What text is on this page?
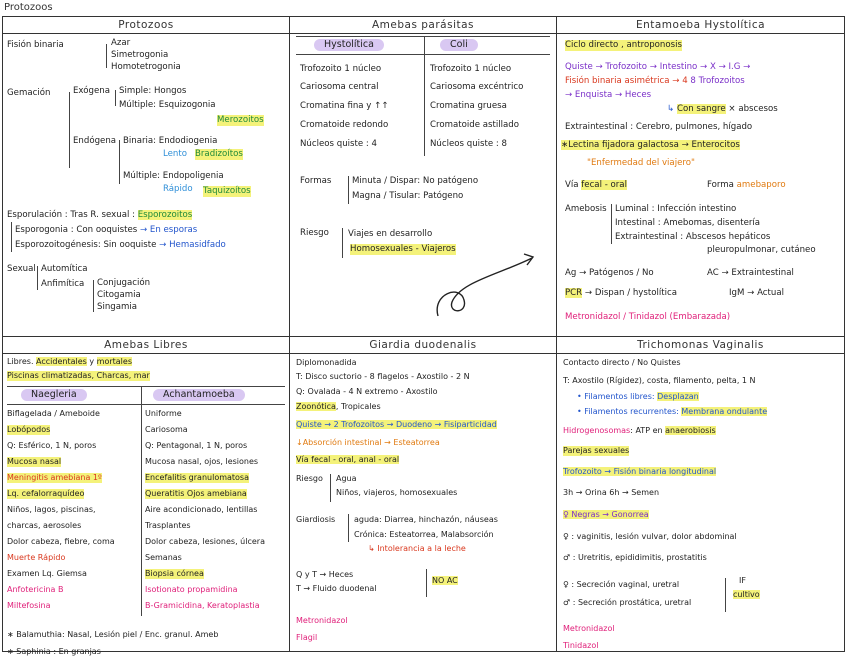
Protozoos
Protozoos
Fisión binaria	Azar
Simetrogonia
Homotetrogonia
Gemación	Exógena Simple: Hongos
Múltiple: Esquizogonia
Merozoitos
Endógena Binaria: Endodiogenia
Lento Bradizoítos
Múltiple: Endopoligenia
Rápido Taquizoítos
Esporulación : Tras R. sexual : Esporozoitos
Esporogonia : Con ooquistes → En esporas
Esporozoitogénesis: Sin ooquiste → Hemasidfado
Sexual Automítica
Anfimítica Conjugación
Citogamia
Singamia
Amebas parásitas
Hystolítica	Coli
Trofozoito 1 núcleo	Trofozoito 1 núcleo
Cariosoma central	Cariosoma excéntrico
Cromatina fina y ↑↑	Cromatina gruesa
Cromatoide redondo	Cromatoide astillado
Núcleos quiste : 4	Núcleos quiste : 8
Formas Minuta / Dispar: No patógeno
Magna / Tisular: Patógeno
Riesgo Viajes en desarrollo
Homosexuales - Viajeros
Entamoeba Hystolítica
Ciclo directo , antroponosis
Quiste → Trofozoito → Intestino → X → I.G →
Fisión binaria asimétrica → 4 8 Trofozoitos
→ Enquista → Heces
↳ Con sangre × abscesos
Extraintestinal : Cerebro, pulmones, hígado
∗Lectina fijadora galactosa → Enterocitos
"Enfermedad del viajero"
Vía fecal - oral	Forma amebaporo
Amebosis Luminal : Infección intestino
Intestinal : Amebomas, disentería
Extraintestinal : Abscesos hepáticos
pleuropulmonar, cutáneo
Ag → Patógenos / No	AC → Extraintestinal
PCR → Dispan / hystolítica	IgM → Actual
Metronidazol / Tinidazol (Embarazada)
Amebas Libres
Libres. Accidentales y mortales
Piscinas climatizadas, Charcas, mar
Naegleria	Achantamoeba
Biflagelada / Ameboide	Uniforme
Lobópodos	Cariosoma
Q: Esférico, 1 N, poros	Q: Pentagonal, 1 N, poros
Mucosa nasal	Mucosa nasal, ojos, lesiones
Meningitis amebiana 1º	Encefalitis granulomatosa
Lq. cefalorraquídeo	Queratitis Ojos amebiana
Niños, lagos, piscinas,	Aire acondicionado, lentillas
charcas, aerosoles	Trasplantes
Dolor cabeza, fiebre, coma	Dolor cabeza, lesiones, úlcera
Muerte Rápido	Semanas
Examen Lq. Giemsa	Biopsia córnea
Anfotericina B	Isotionato propamidina
Miltefosina	B-Gramicidina, Keratoplastia
∗ Balamuthia: Nasal, Lesión piel / Enc. granul. Ameb
∗ Saphinia : En granjas
Giardia duodenalis
Diplomonadida
T: Disco suctorio - 8 flagelos - Axostilo - 2 N
Q: Ovalada - 4 N extremo - Axostilo
Zoonótica, Tropicales
Quiste → 2 Trofozoitos → Duodeno → Fisiparticidad
↓Absorción intestinal → Esteatorrea
Vía fecal - oral, anal - oral
Riesgo Agua
Niños, viajeros, homosexuales
Giardiosis aguda: Diarrea, hinchazón, náuseas
Crónica: Esteatorrea, Malabsorción
↳ Intolerancia a la leche
Q y T → Heces
T → Fluido duodenal
NO AC
Metronidazol
Flagil
Trichomonas Vaginalis
Contacto directo / No Quistes
T: Axostilo (Rígidez), costa, filamento, pelta, 1 N
• Filamentos libres: Desplazan
• Filamentos recurrentes: Membrana ondulante
Hidrogenosomas: ATP en anaerobiosis
Parejas sexuales
Trofozoito → Fisión binaria longitudinal
3h → Orina 6h → Semen
♀ Negras → Gonorrea
♀ : vaginitis, lesión vulvar, dolor abdominal
♂ : Uretritis, epididimitis, prostatitis
♀ : Secreción vaginal, uretral
♂ : Secreción prostática, uretral
IF
cultivo
Metronidazol
Tinidazol
